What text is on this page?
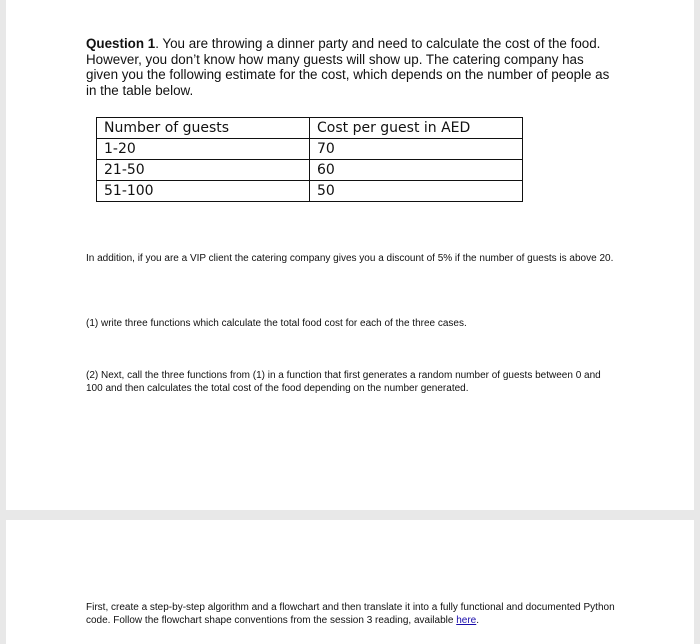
Question 1. You are throwing a dinner party and need to calculate the cost of the food. However, you don’t know how many guests will show up. The catering company has given you the following estimate for the cost, which depends on the number of people as in the table below.
Number of guests	Cost per guest in AED
1-20	70
21-50	60
51-100	50
In addition, if you are a VIP client the catering company gives you a discount of 5% if the number of guests is above 20.
(1) write three functions which calculate the total food cost for each of the three cases.
(2) Next, call the three functions from (1) in a function that first generates a random number of guests between 0 and 100 and then calculates the total cost of the food depending on the number generated.
First, create a step-by-step algorithm and a flowchart and then translate it into a fully functional and documented Python code. Follow the flowchart shape conventions from the session 3 reading, available here.
